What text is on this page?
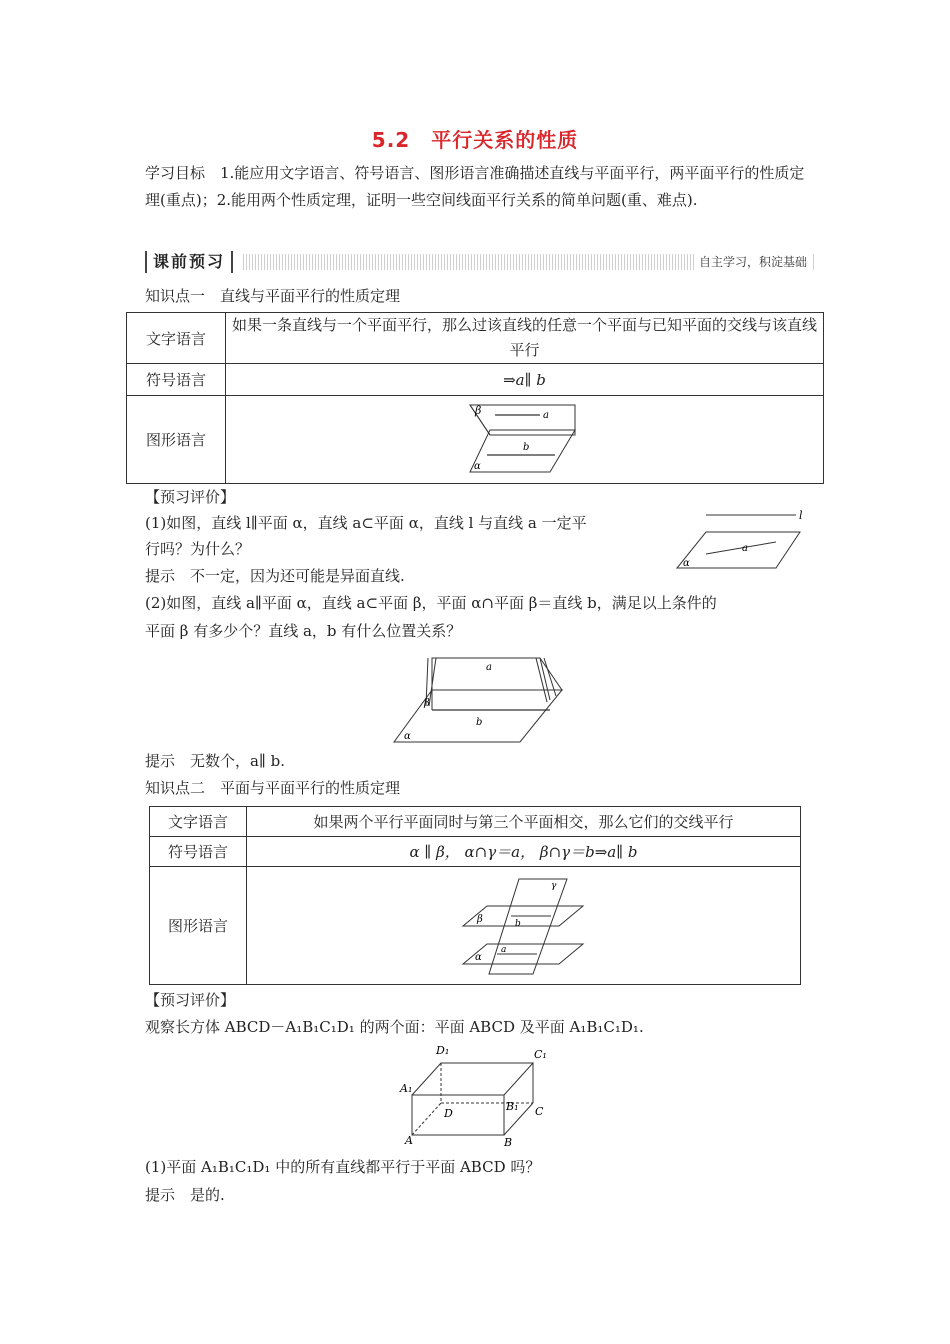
5.2　平行关系的性质
学习目标　1.能应用文字语言、符号语言、图形语言准确描述直线与平面平行，两平面平行的性质定理(重点)；2.能用两个性质定理，证明一些空间线面平行关系的简单问题(重、难点).
课前预习	自主学习，积淀基础
知识点一　直线与平面平行的性质定理
文字语言	如果一条直线与一个平面平行，那么过该直线的任意一个平面与已知平面的交线与该直线平行
符号语言	⇒a∥ b
图形语言	β a
b
α
【预习评价】
(1)如图，直线 l∥平面 α，直线 a⊂平面 α，直线 l 与直线 a 一定平
行吗？为什么？
l
a
α
提示　不一定，因为还可能是异面直线.
(2)如图，直线 a∥平面 α，直线 a⊂平面 β，平面 α∩平面 β＝直线 b，满足以上条件的
平面 β 有多少个？直线 a，b 有什么位置关系？
a
β
b
α
提示　无数个，a∥ b.
知识点二　平面与平面平行的性质定理
文字语言	如果两个平行平面同时与第三个平面相交，那么它们的交线平行
符号语言	α ∥ β， α∩γ＝a， β∩γ＝b⇒a∥ b
图形语言	γ
β b
α
a
【预习评价】
观察长方体 ABCD－A₁B₁C₁D₁ 的两个面：平面 ABCD 及平面 A₁B₁C₁D₁.
D₁	C₁
A₁
B₁
D	C
A	B
(1)平面 A₁B₁C₁D₁ 中的所有直线都平行于平面 ABCD 吗？
提示　是的.
